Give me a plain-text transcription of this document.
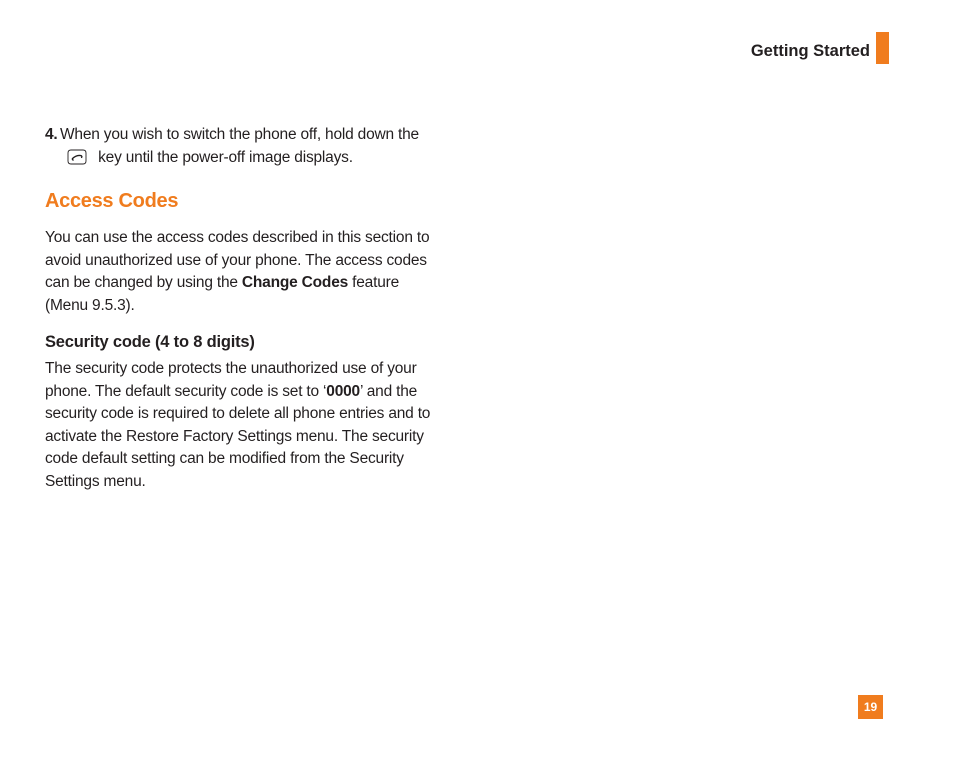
Getting Started
4. When you wish to switch the phone off, hold down the  key until the power-off image displays.
Access Codes
You can use the access codes described in this section to avoid unauthorized use of your phone. The access codes can be changed by using the Change Codes feature (Menu 9.5.3).
Security code (4 to 8 digits)
The security code protects the unauthorized use of your phone. The default security code is set to ‘0000’ and the security code is required to delete all phone entries and to activate the Restore Factory Settings menu. The security code default setting can be modified from the Security Settings menu.
19
